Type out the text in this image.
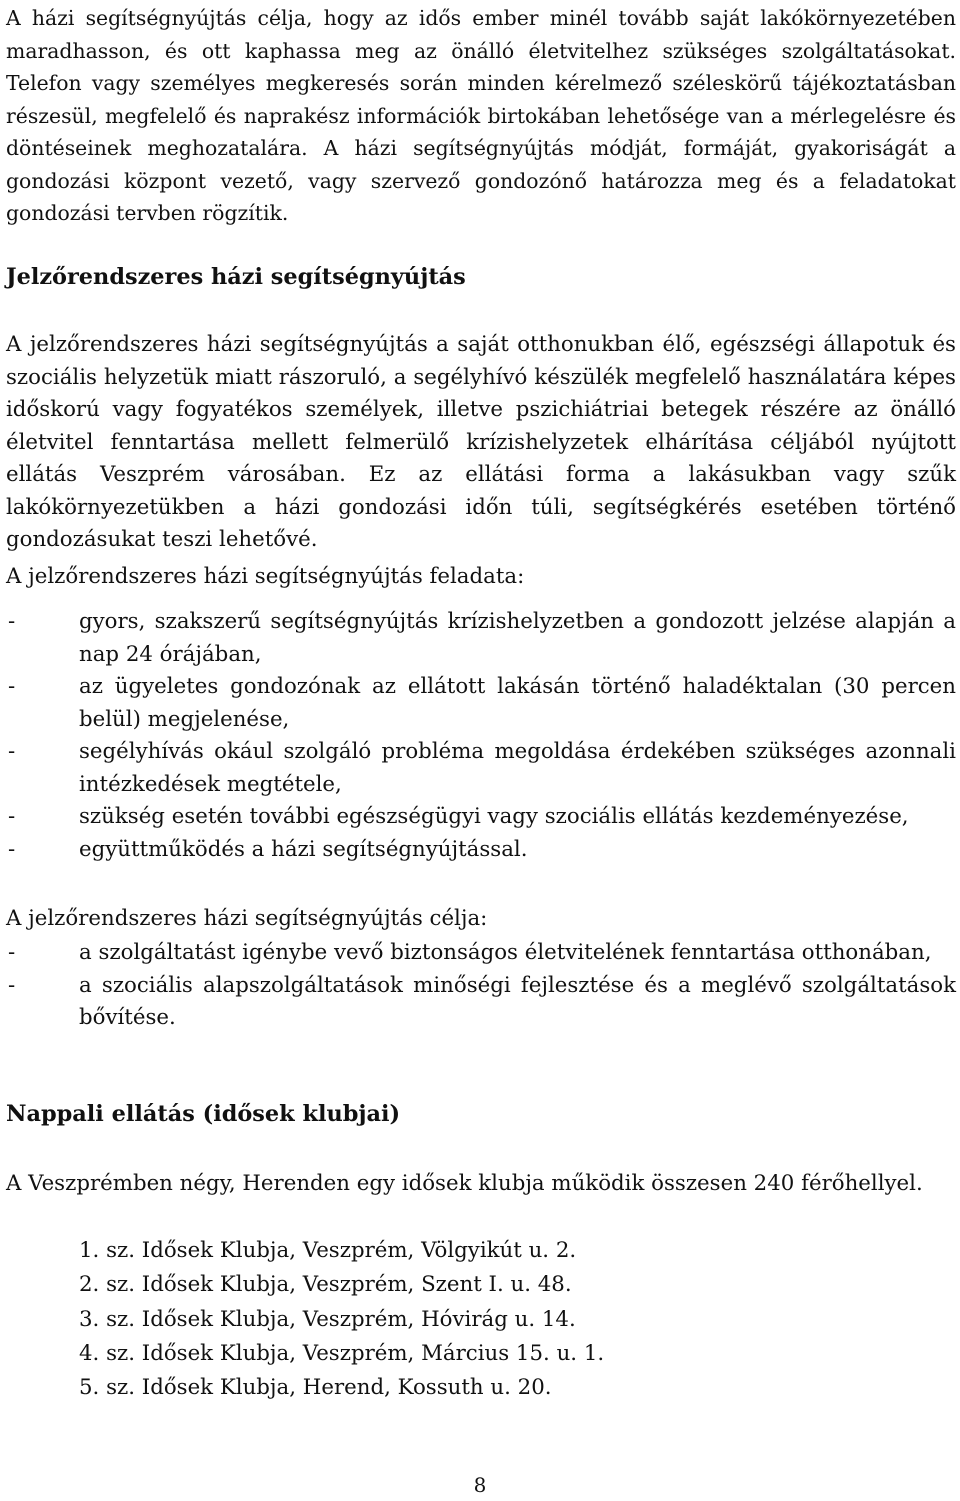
A házi segítségnyújtás célja, hogy az idős ember minél tovább saját lakókörnyezetében maradhasson, és ott kaphassa meg az önálló életvitelhez szükséges szolgáltatásokat. Telefon vagy személyes megkeresés során minden kérelmező széleskörű tájékoztatásban részesül, megfelelő és naprakész információk birtokában lehetősége van a mérlegelésre és döntéseinek meghozatalára. A házi segítségnyújtás módját, formáját, gyakoriságát a gondozási központ vezető, vagy szervező gondozónő határozza meg és a feladatokat gondozási tervben rögzítik.

Jelzőrendszeres házi segítségnyújtás

A jelzőrendszeres házi segítségnyújtás a saját otthonukban élő, egészségi állapotuk és szociális helyzetük miatt rászoruló, a segélyhívó készülék megfelelő használatára képes időskorú vagy fogyatékos személyek, illetve pszichiátriai betegek részére az önálló életvitel fenntartása mellett felmerülő krízishelyzetek elhárítása céljából nyújtott ellátás Veszprém városában. Ez az ellátási forma a lakásukban vagy szűk lakókörnyezetükben a házi gondozási időn túli, segítségkérés esetében történő gondozásukat teszi lehetővé.

A jelzőrendszeres házi segítségnyújtás feladata:

- gyors, szakszerű segítségnyújtás krízishelyzetben a gondozott jelzése alapján a nap 24 órájában,
- az ügyeletes gondozónak az ellátott lakásán történő haladéktalan (30 percen belül) megjelenése,
- segélyhívás okául szolgáló probléma megoldása érdekében szükséges azonnali intézkedések megtétele,
- szükség esetén további egészségügyi vagy szociális ellátás kezdeményezése,
- együttműködés a házi segítségnyújtással.

A jelzőrendszeres házi segítségnyújtás célja:

- a szolgáltatást igénybe vevő biztonságos életvitelének fenntartása otthonában,
- a szociális alapszolgáltatások minőségi fejlesztése és a meglévő szolgáltatások bővítése.
Nappali ellátás (idősek klubjai)

A Veszprémben négy, Herenden egy idősek klubja működik összesen 240 férőhellyel.

1. sz. Idősek Klubja, Veszprém, Völgyikút u. 2.
2. sz. Idősek Klubja, Veszprém, Szent I. u. 48.
3. sz. Idősek Klubja, Veszprém, Hóvirág u. 14.
4. sz. Idősek Klubja, Veszprém, Március 15. u. 1.
5. sz. Idősek Klubja, Herend, Kossuth u. 20.
8
